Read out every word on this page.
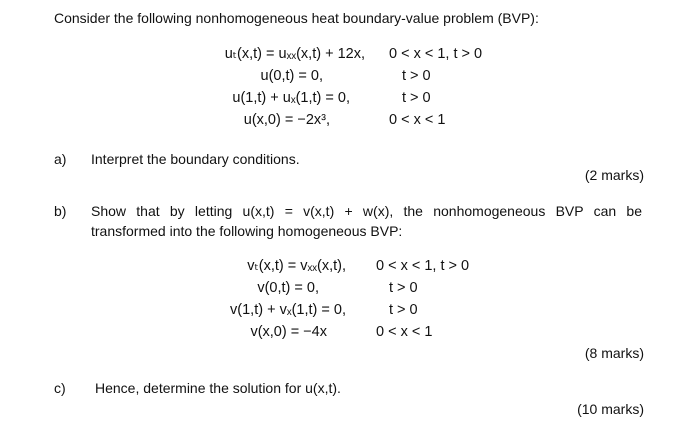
Consider the following nonhomogeneous heat boundary-value problem (BVP):
uₜ(x,t) = uₓₓ(x,t) + 12x,
u(0,t) = 0,
u(1,t) + uₓ(1,t) = 0,
u(x,0) = −2x³,
0 < x < 1, t > 0
t > 0
t > 0
0 < x < 1
a) Interpret the boundary conditions.
(2 marks)
b) Show that by letting u(x,t) = v(x,t) + w(x), the nonhomogeneous BVP can be
transformed into the following homogeneous BVP:
vₜ(x,t) = vₓₓ(x,t),
v(0,t) = 0,
v(1,t) + vₓ(1,t) = 0,
v(x,0) = −4x
0 < x < 1, t > 0
t > 0
t > 0
0 < x < 1
(8 marks)
c) Hence, determine the solution for u(x,t).
(10 marks)
